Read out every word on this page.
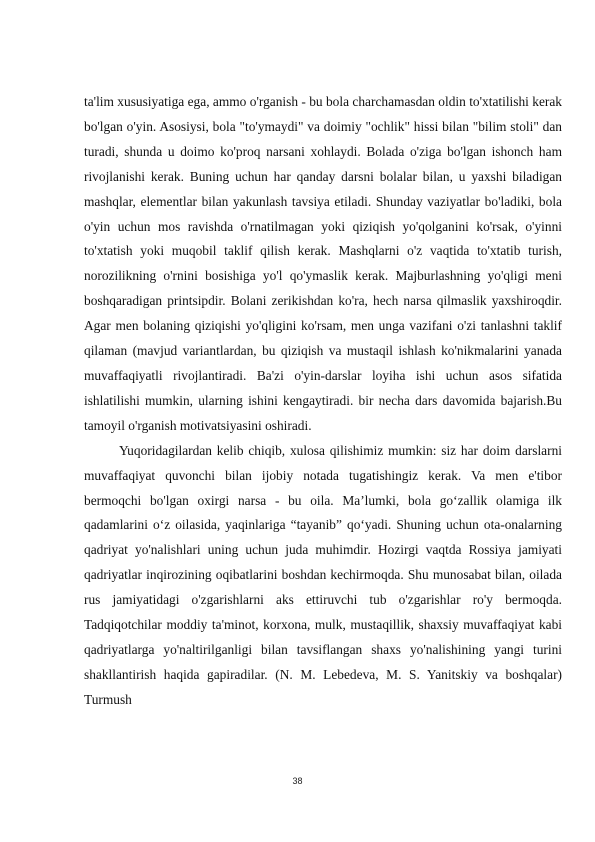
ta'lim xususiyatiga ega, ammo o'rganish - bu bola charchamasdan oldin to'xtatilishi kerak bo'lgan o'yin. Asosiysi, bola "to'ymaydi" va doimiy "ochlik" hissi bilan "bilim stoli" dan turadi, shunda u doimo ko'proq narsani xohlaydi. Bolada o'ziga bo'lgan ishonch ham rivojlanishi kerak. Buning uchun har qanday darsni bolalar bilan, u yaxshi biladigan mashqlar, elementlar bilan yakunlash tavsiya etiladi. Shunday vaziyatlar bo'ladiki, bola o'yin uchun mos ravishda o'rnatilmagan yoki qiziqish yo'qolganini ko'rsak, o'yinni to'xtatish yoki muqobil taklif qilish kerak. Mashqlarni o'z vaqtida to'xtatib turish, norozilikning o'rnini bosishiga yo'l qo'ymaslik kerak. Majburlashning yo'qligi meni boshqaradigan printsipdir. Bolani zerikishdan ko'ra, hech narsa qilmaslik yaxshiroqdir. Agar men bolaning qiziqishi yo'qligini ko'rsam, men unga vazifani o'zi tanlashni taklif qilaman (mavjud variantlardan, bu qiziqish va mustaqil ishlash ko'nikmalarini yanada muvaffaqiyatli rivojlantiradi. Ba'zi o'yin-darslar loyiha ishi uchun asos sifatida ishlatilishi mumkin, ularning ishini kengaytiradi. bir necha dars davomida bajarish.Bu tamoyil o'rganish motivatsiyasini oshiradi.

Yuqoridagilardan kelib chiqib, xulosa qilishimiz mumkin: siz har doim darslarni muvaffaqiyat quvonchi bilan ijobiy notada tugatishingiz kerak. Va men e'tibor bermoqchi bo'lgan oxirgi narsa - bu oila. Ma’lumki, bola go‘zallik olamiga ilk qadamlarini o‘z oilasida, yaqinlariga “tayanib” qo‘yadi. Shuning uchun ota-onalarning qadriyat yo'nalishlari uning uchun juda muhimdir. Hozirgi vaqtda Rossiya jamiyati qadriyatlar inqirozining oqibatlarini boshdan kechirmoqda. Shu munosabat bilan, oilada rus jamiyatidagi o'zgarishlarni aks ettiruvchi tub o'zgarishlar ro'y bermoqda. Tadqiqotchilar moddiy ta'minot, korxona, mulk, mustaqillik, shaxsiy muvaffaqiyat kabi qadriyatlarga yo'naltirilganligi bilan tavsiflangan shaxs yo'nalishining yangi turini shakllantirish haqida gapiradilar. (N. M. Lebedeva, M. S. Yanitskiy va boshqalar) Turmush

38
